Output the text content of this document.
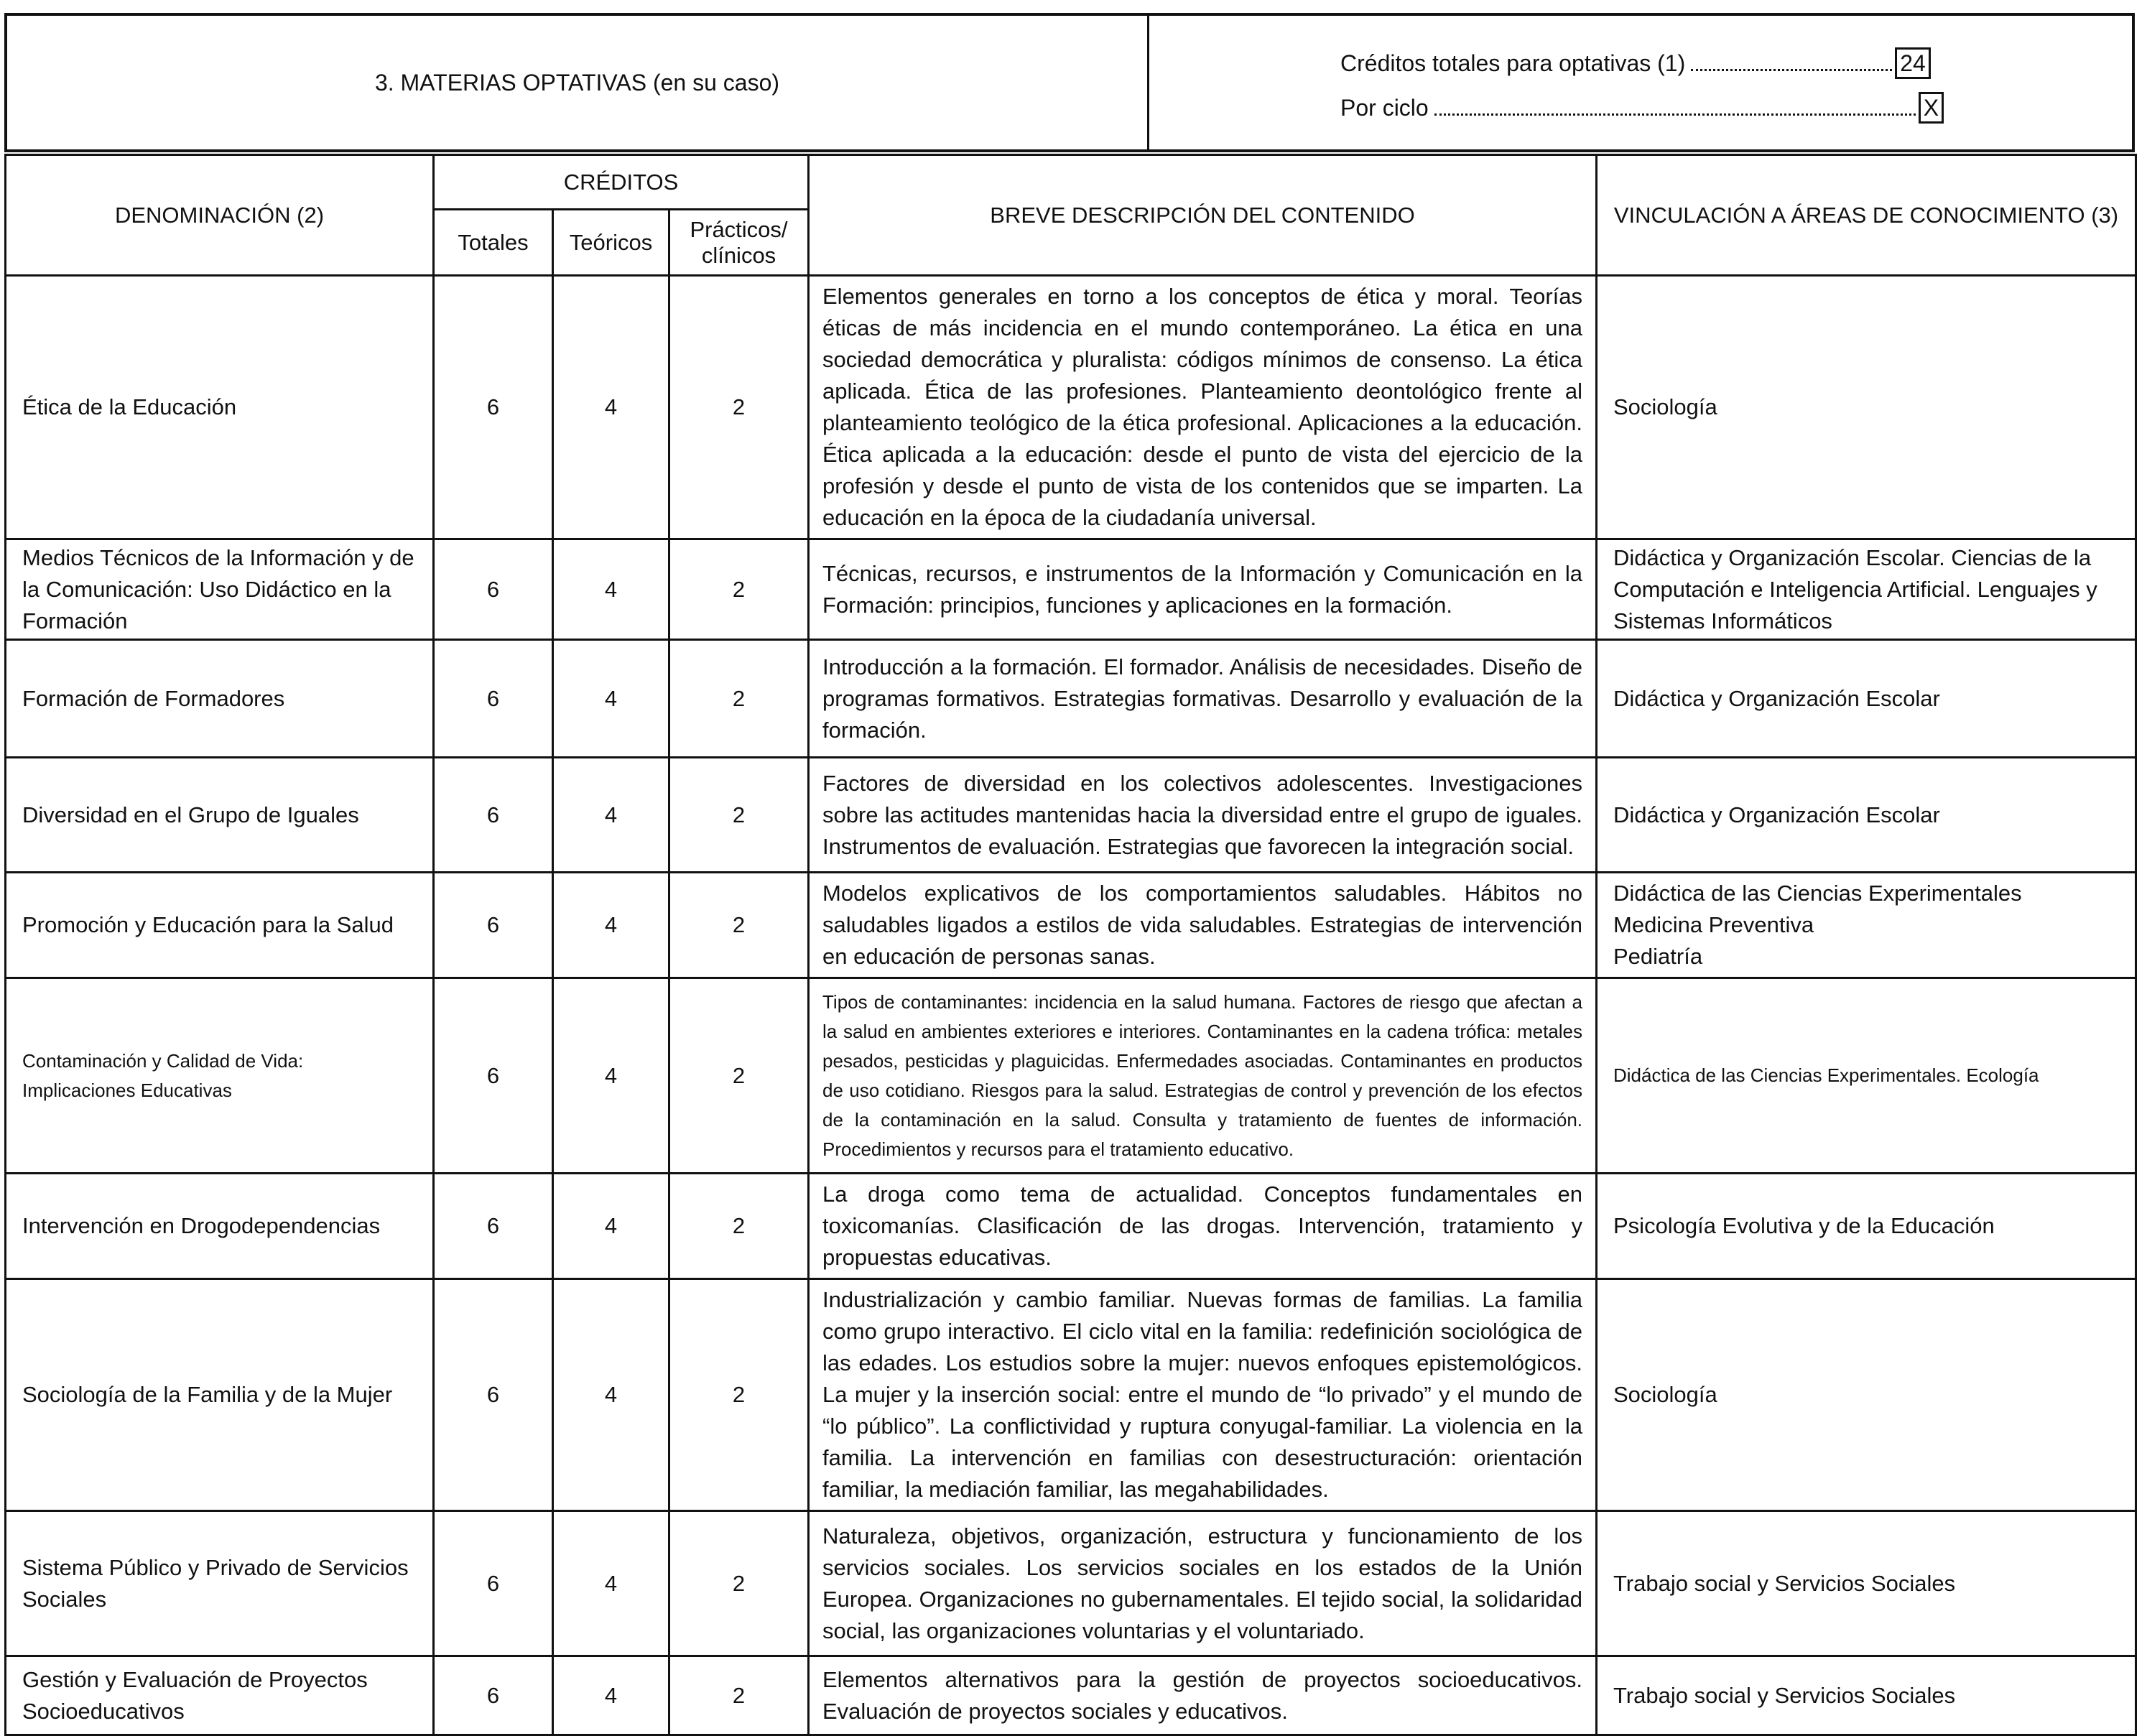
3. MATERIAS OPTATIVAS (en su caso)
Créditos totales para optativas (1)	24
Por ciclo	X
DENOMINACIÓN (2)	CRÉDITOS			BREVE DESCRIPCIÓN DEL CONTENIDO	VINCULACIÓN A ÁREAS DE CONOCIMIENTO (3)
	Totales	Teóricos	Prácticos/ clínicos		
Ética de la Educación	6	4	2	Elementos generales en torno a los conceptos de ética y moral. Teorías éticas de más incidencia en el mundo contemporáneo. La ética en una sociedad democrática y pluralista: códigos mínimos de consenso. La ética aplicada. Ética de las profesiones. Planteamiento deontológico frente al planteamiento teológico de la ética profesional. Aplicaciones a la educación. Ética aplicada a la educación: desde el punto de vista del ejercicio de la profesión y desde el punto de vista de los contenidos que se imparten. La educación en la época de la ciudadanía universal.	Sociología
Medios Técnicos de la Información y de la Comunicación: Uso Didáctico en la Formación	6	4	2	Técnicas, recursos, e instrumentos de la Información y Comunicación en la Formación: principios, funciones y aplicaciones en la formación.	Didáctica y Organización Escolar. Ciencias de la Computación e Inteligencia Artificial. Lenguajes y Sistemas Informáticos
Formación de Formadores	6	4	2	Introducción a la formación. El formador. Análisis de necesidades. Diseño de programas formativos. Estrategias formativas. Desarrollo y evaluación de la formación.	Didáctica y Organización Escolar
Diversidad en el Grupo de Iguales	6	4	2	Factores de diversidad en los colectivos adolescentes. Investigaciones sobre las actitudes mantenidas hacia la diversidad entre el grupo de iguales. Instrumentos de evaluación. Estrategias que favorecen la integración social.	Didáctica y Organización Escolar
Promoción y Educación para la Salud	6	4	2	Modelos explicativos de los comportamientos saludables. Hábitos no saludables ligados a estilos de vida saludables. Estrategias de intervención en educación de personas sanas.	Didáctica de las Ciencias Experimentales
Medicina Preventiva
Pediatría
Contaminación y Calidad de Vida: Implicaciones Educativas	6	4	2	Tipos de contaminantes: incidencia en la salud humana. Factores de riesgo que afectan a la salud en ambientes exteriores e interiores. Contaminantes en la cadena trófica: metales pesados, pesticidas y plaguicidas. Enfermedades asociadas. Contaminantes en productos de uso cotidiano. Riesgos para la salud. Estrategias de control y prevención de los efectos de la contaminación en la salud. Consulta y tratamiento de fuentes de información. Procedimientos y recursos para el tratamiento educativo.	Didáctica de las Ciencias Experimentales. Ecología
Intervención en Drogodependencias	6	4	2	La droga como tema de actualidad. Conceptos fundamentales en toxicomanías. Clasificación de las drogas. Intervención, tratamiento y propuestas educativas.	Psicología Evolutiva y de la Educación
Sociología de la Familia y de la Mujer	6	4	2	Industrialización y cambio familiar. Nuevas formas de familias. La familia como grupo interactivo. El ciclo vital en la familia: redefinición sociológica de las edades. Los estudios sobre la mujer: nuevos enfoques epistemológicos. La mujer y la inserción social: entre el mundo de “lo privado” y el mundo de “lo público”. La conflictividad y ruptura conyugal-familiar. La violencia en la familia. La intervención en familias con desestructuración: orientación familiar, la mediación familiar, las megahabilidades.	Sociología
Sistema Público y Privado de Servicios Sociales	6	4	2	Naturaleza, objetivos, organización, estructura y funcionamiento de los servicios sociales. Los servicios sociales en los estados de la Unión Europea. Organizaciones no gubernamentales. El tejido social, la solidaridad social, las organizaciones voluntarias y el voluntariado.	Trabajo social y Servicios Sociales
Gestión y Evaluación de Proyectos Socioeducativos	6	4	2	Elementos alternativos para la gestión de proyectos socioeducativos. Evaluación de proyectos sociales y educativos.	Trabajo social y Servicios Sociales
